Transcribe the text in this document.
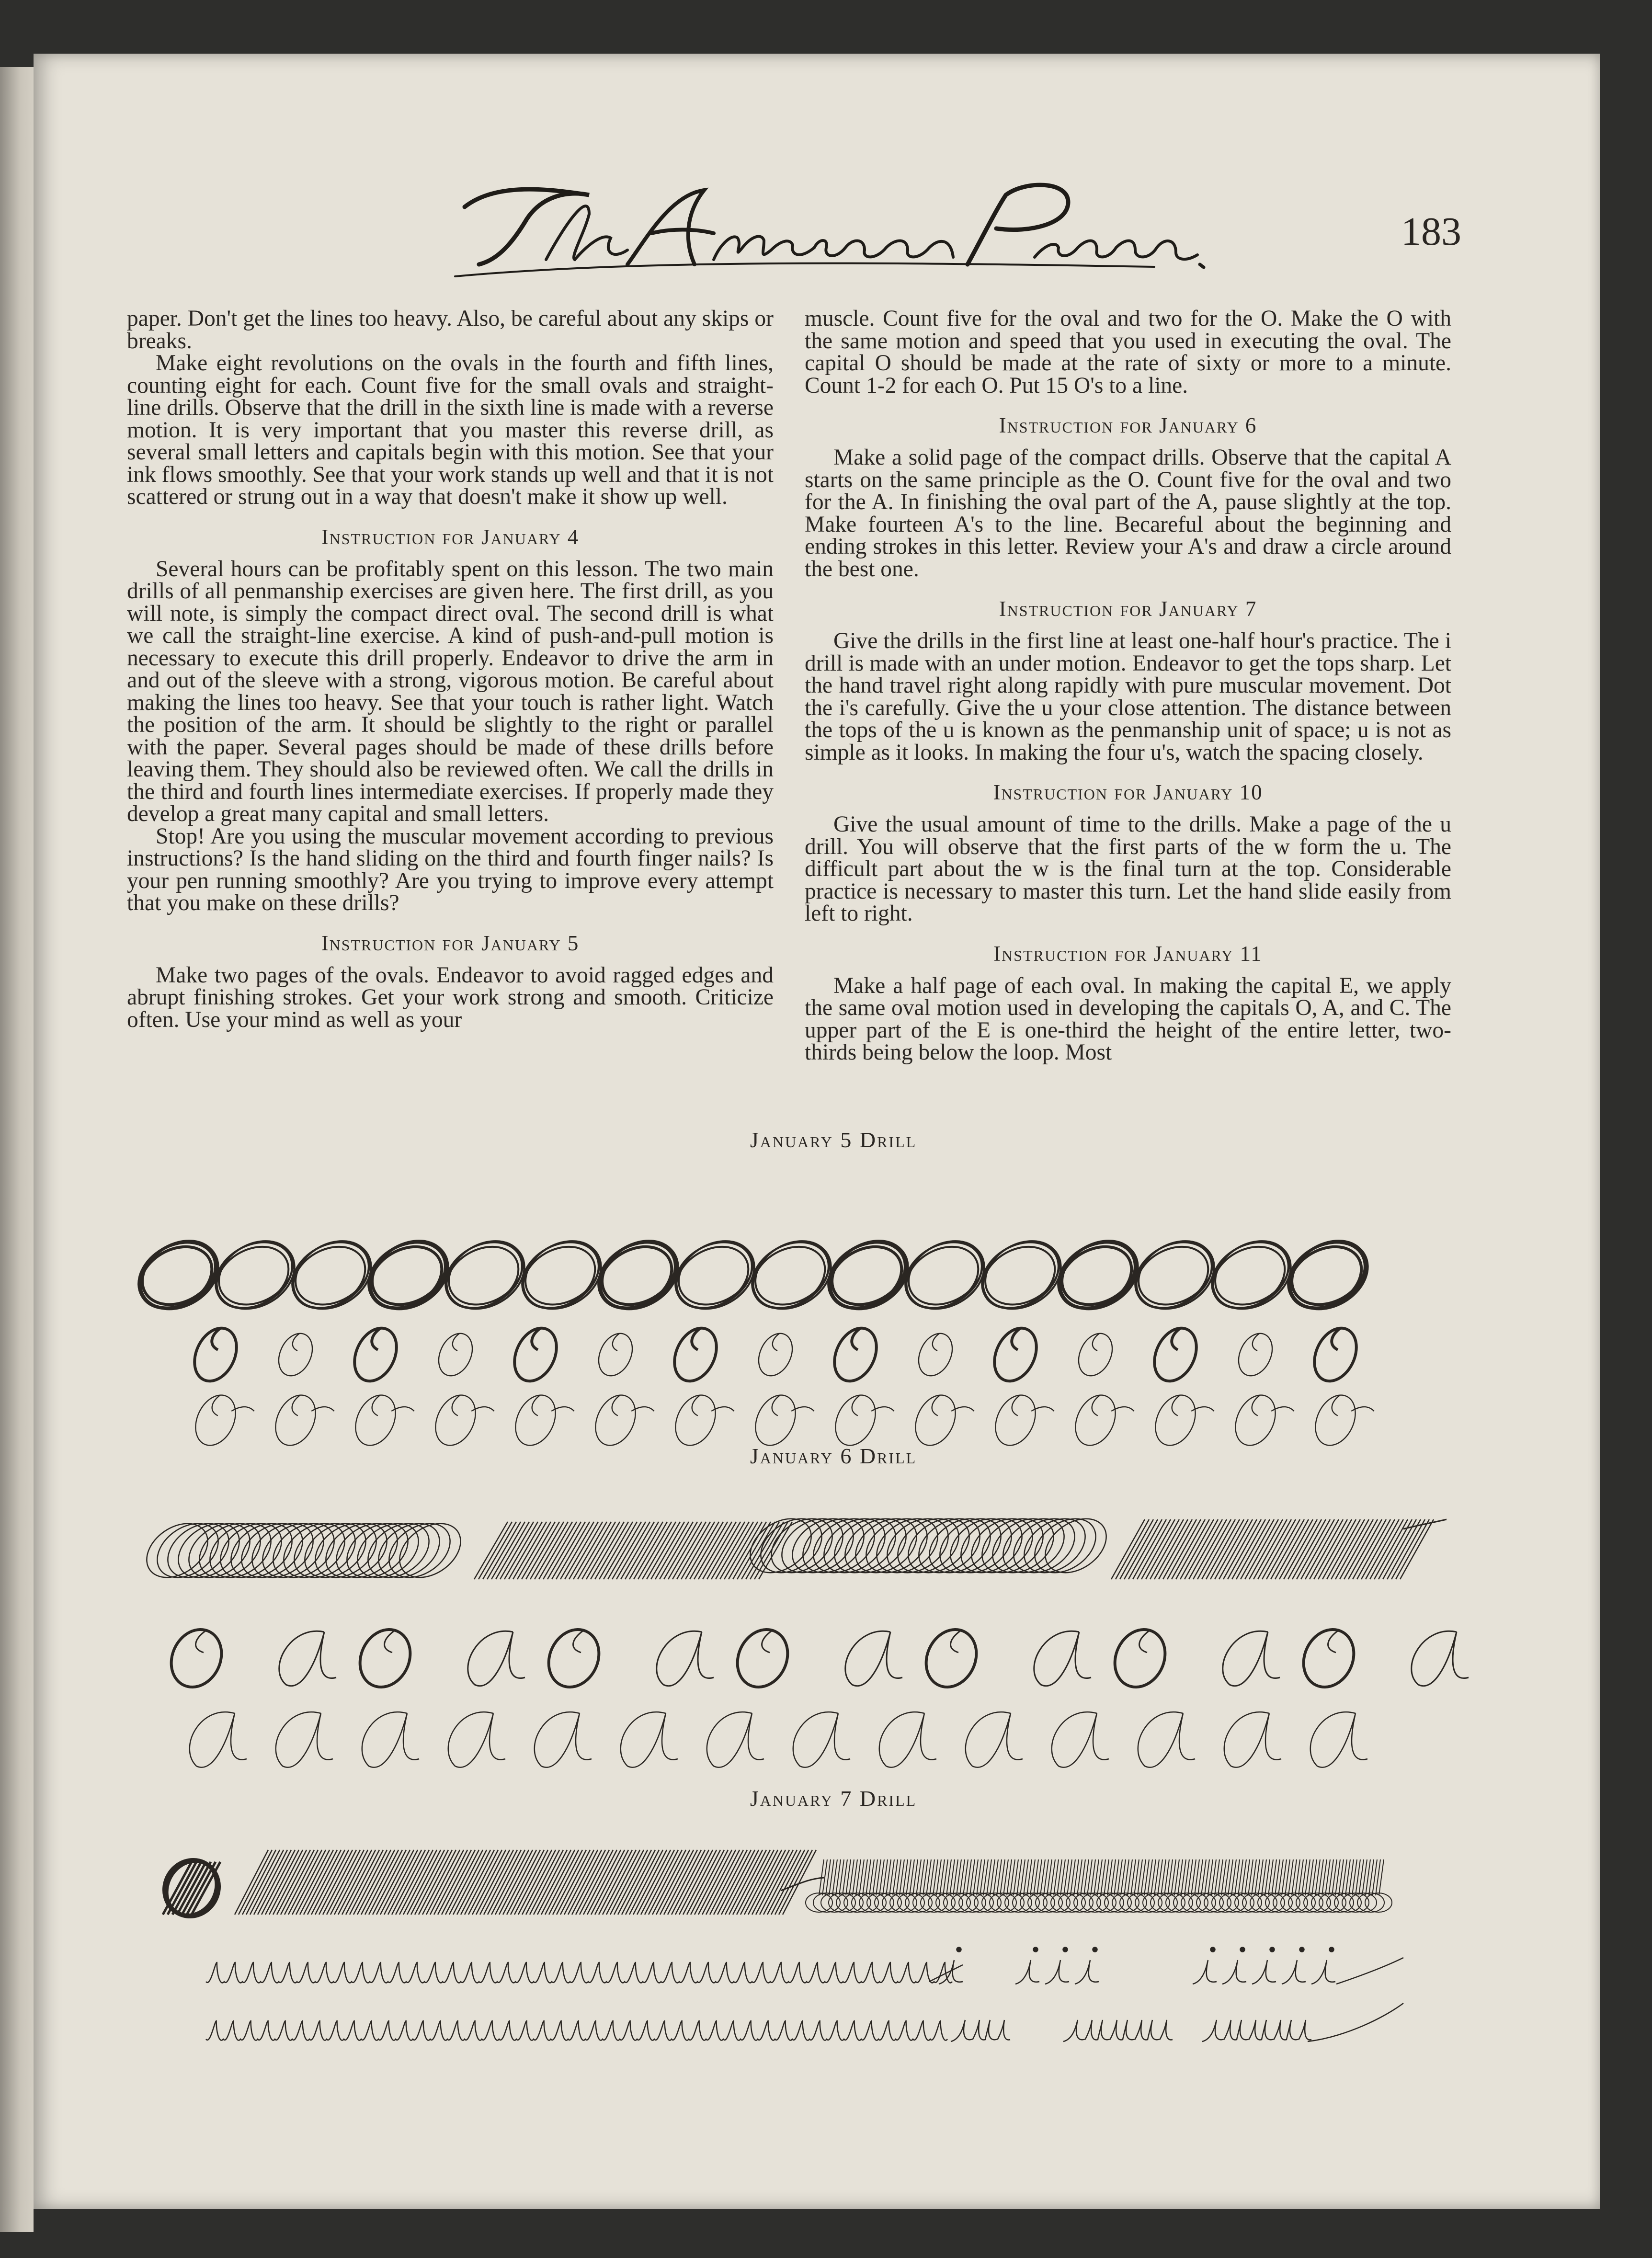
183

paper. Don't get the lines too heavy. Also, be careful about any skips or breaks.

Make eight revolutions on the ovals in the fourth and fifth lines, counting eight for each. Count five for the small ovals and straight-line drills. Observe that the drill in the sixth line is made with a reverse motion. It is very important that you master this reverse drill, as several small letters and capitals begin with this motion. See that your ink flows smoothly. See that your work stands up well and that it is not scattered or strung out in a way that doesn't make it show up well.

Instruction for January 4

Several hours can be profitably spent on this lesson. The two main drills of all penmanship exercises are given here. The first drill, as you will note, is simply the compact direct oval. The second drill is what we call the straight-line exercise. A kind of push-and-pull motion is necessary to execute this drill properly. Endeavor to drive the arm in and out of the sleeve with a strong, vigorous motion. Be careful about making the lines too heavy. See that your touch is rather light. Watch the position of the arm. It should be slightly to the right or parallel with the paper. Several pages should be made of these drills before leaving them. They should also be reviewed often. We call the drills in the third and fourth lines intermediate exercises. If properly made they develop a great many capital and small letters.

Stop! Are you using the muscular movement according to previous instructions? Is the hand sliding on the third and fourth finger nails? Is your pen running smoothly? Are you trying to improve every attempt that you make on these drills?

Instruction for January 5

Make two pages of the ovals. Endeavor to avoid ragged edges and abrupt finishing strokes. Get your work strong and smooth. Criticize often. Use your mind as well as your

muscle. Count five for the oval and two for the O. Make the O with the same motion and speed that you used in executing the oval. The capital O should be made at the rate of sixty or more to a minute. Count 1-2 for each O. Put 15 O's to a line.

Instruction for January 6

Make a solid page of the compact drills. Observe that the capital A starts on the same principle as the O. Count five for the oval and two for the A. In finishing the oval part of the A, pause slightly at the top. Make fourteen A's to the line. Becareful about the beginning and ending strokes in this letter. Review your A's and draw a circle around the best one.

Instruction for January 7

Give the drills in the first line at least one-half hour's practice. The i drill is made with an under motion. Endeavor to get the tops sharp. Let the hand travel right along rapidly with pure muscular movement. Dot the i's carefully. Give the u your close attention. The distance between the tops of the u is known as the penmanship unit of space; u is not as simple as it looks. In making the four u's, watch the spacing closely.

Instruction for January 10

Give the usual amount of time to the drills. Make a page of the u drill. You will observe that the first parts of the w form the u. The difficult part about the w is the final turn at the top. Considerable practice is necessary to master this turn. Let the hand slide easily from left to right.

Instruction for January 11

Make a half page of each oval. In making the capital E, we apply the same oval motion used in developing the capitals O, A, and C. The upper part of the E is one-third the height of the entire letter, two-thirds being below the loop. Most

January 5 Drill
January 6 Drill
January 7 Drill
